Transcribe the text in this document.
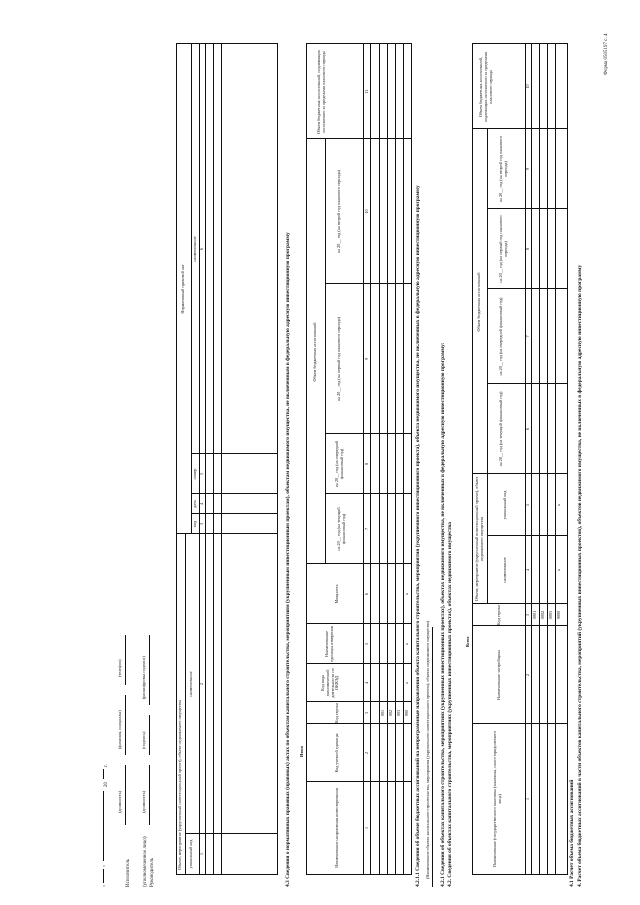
Форма 0505197 с. 4
4. Расчет объема бюджетных ассигнований в части объектов капитального строительства, мероприятий (укрупненных инвестиционных проектов), объектов недвижимого имущества, не включенных в федеральную адресную инвестиционную программу
4.1 Расчет объема бюджетных ассигнований
Наименование (государственного заказчика (заказчика, иного юридического лица)
Наименование застройщика
Код строки
Объект, мероприятие (укрупненный инвестиционный проект), объект недвижимого имущества
наименование
уникальный код
Объем бюджетных ассигнований
на 20__ год (на текущий финансовый год)
на 20__ год (на очередной финансовый год)
на 20__ год (на первый год планового периода)
на 20__ год (на второй год планового периода)
Объем бюджетных ассигнований, подлежащих исполнению за пределами планового периода
1
2
3
4
5
6
7
8
9
10
0001 0002 0003 9000
x
x
Всего
4.2. Сведения об объектах капитального строительства, мероприятиях (укрупненных инвестиционных проектах), объектах недвижимого имущества
4.2.1 Сведения об объектах капитального строительства, мероприятиях (укрупненных инвестиционных проектах), объектах недвижимого имущества, не включенных в федеральную адресную инвестиционную программу:
(Наименование объекта капитального строительства, мероприятия (укрупненного инвестиционного проекта), объекта недвижимого имущества)
4.2.1.1 Сведения об объеме бюджетных ассигнований на непрограммные направления объекта капитального строительства, мероприятия (укрупненного инвестиционного проекта), объекта недвижимого имущества, не включенных в федеральную адресную инвестиционную программу
Наименование направления инвестирования
Код учетной единицы
Код строки
Код вида экономической деятельности по ОКВЭД
Наименование единицы измерения
Мощность
Объем бюджетных ассигнований
на 20__ год (на текущий финансовый год)
на 20__ год (на очередной финансовый год)
на 20__ год (на первый год планового периода)
на 20__ год (на второй год планового периода)
Объем бюджетных ассигнований, подлежащих исполнению за пределами планового периода
1
2
3
4
5
6
7
8
9
10
11
001 002 003 900
x
x
x
Итого
4.3 Сведения о нормативных правовых (правовых) актах по объектам капитального строительства, мероприятиям (укрупненным инвестиционным проектам), объектам недвижимого имущества, не включенным в федеральную адресную инвестиционную программу
Объект, мероприятие (укрупненный инвестиционный проект), объект недвижимого имущества уникальный код
наименование
Нормативный правовой акт
вид
дата
номер
наименование
1
2
3
4
5
6
Руководитель
(уполномоченное лицо)
(должность)
(подпись)
(расшифровка подписи)
Исполнитель
(должность)
(фамилия, инициалы)
(телефон)
"
"
20
г.
